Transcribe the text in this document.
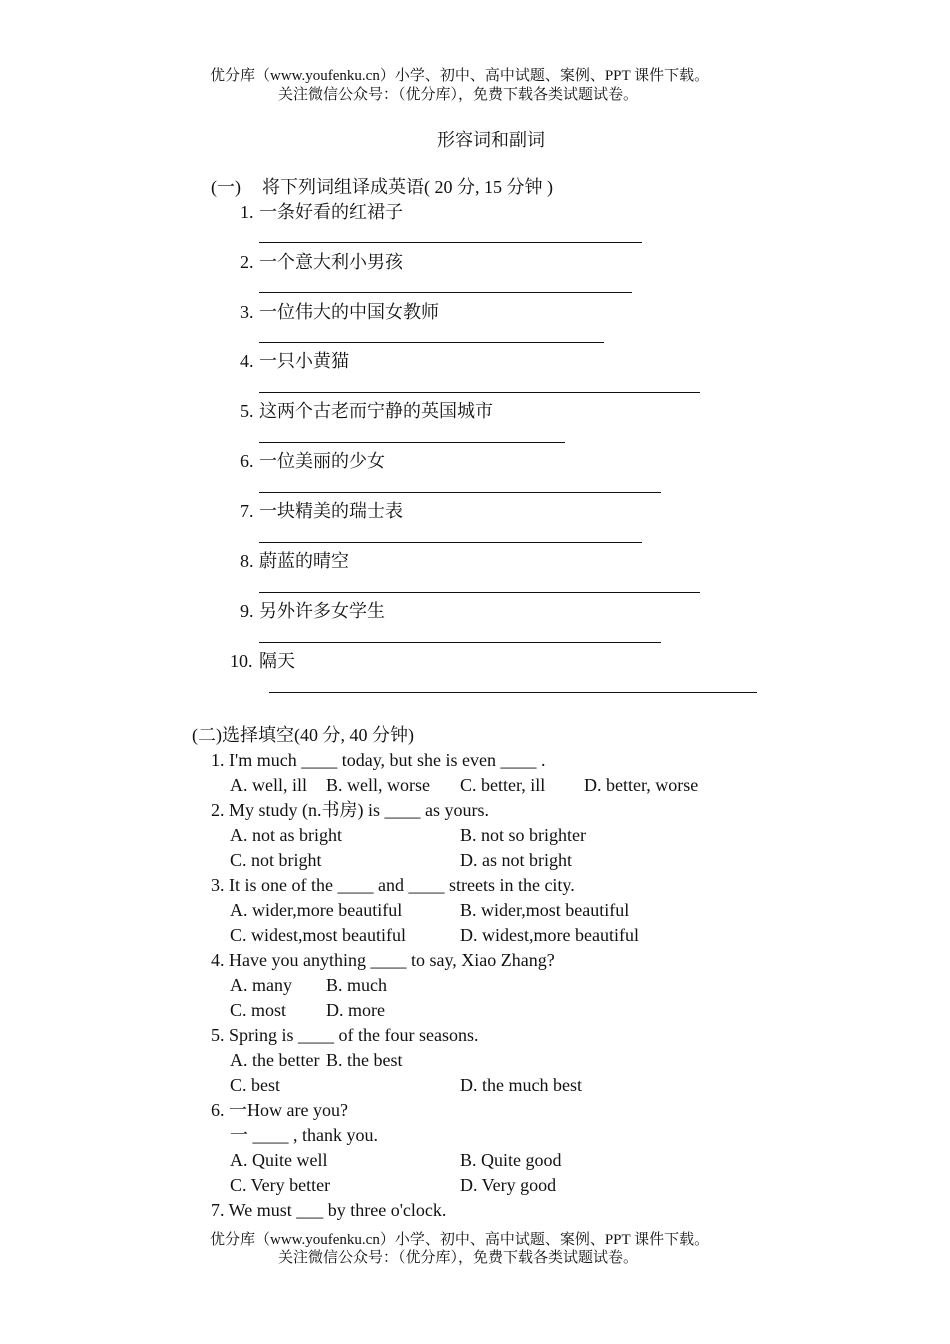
优分库（www.youfenku.cn）小学、初中、高中试题、案例、PPT 课件下载。
关注微信公众号：（优分库），免费下载各类试题试卷。
形容词和副词
(一) 将下列词组译成英语( 20 分, 15 分钟 )
1. 一条好看的红裙子
2. 一个意大利小男孩
3. 一位伟大的中国女教师
4. 一只小黄猫
5. 这两个古老而宁静的英国城市
6. 一位美丽的少女
7. 一块精美的瑞士表
8. 蔚蓝的晴空
9. 另外许多女学生
10. 隔天
(二)选择填空(40 分, 40 分钟)
1. I'm much ____ today, but she is even ____ .
A. well, ill B. well, worse C. better, ill D. better, worse
2. My study (n.书房) is ____ as yours.
A. not as bright	B. not so brighter
C. not bright	D. as not bright
3. It is one of the ____ and ____ streets in the city.
A. wider,more beautiful	B. wider,most beautiful
C. widest,most beautiful	D. widest,more beautiful
4. Have you anything ____ to say, Xiao Zhang?
A. many B. much
C. most D. more
5. Spring is ____ of the four seasons.
A. the better B. the best
C. best	D. the much best
6. 一How are you?
一 ____ , thank you.
A. Quite well	B. Quite good
C. Very better	D. Very good
7. We must ___ by three o'clock.
优分库（www.youfenku.cn）小学、初中、高中试题、案例、PPT 课件下载。
关注微信公众号：（优分库），免费下载各类试题试卷。
